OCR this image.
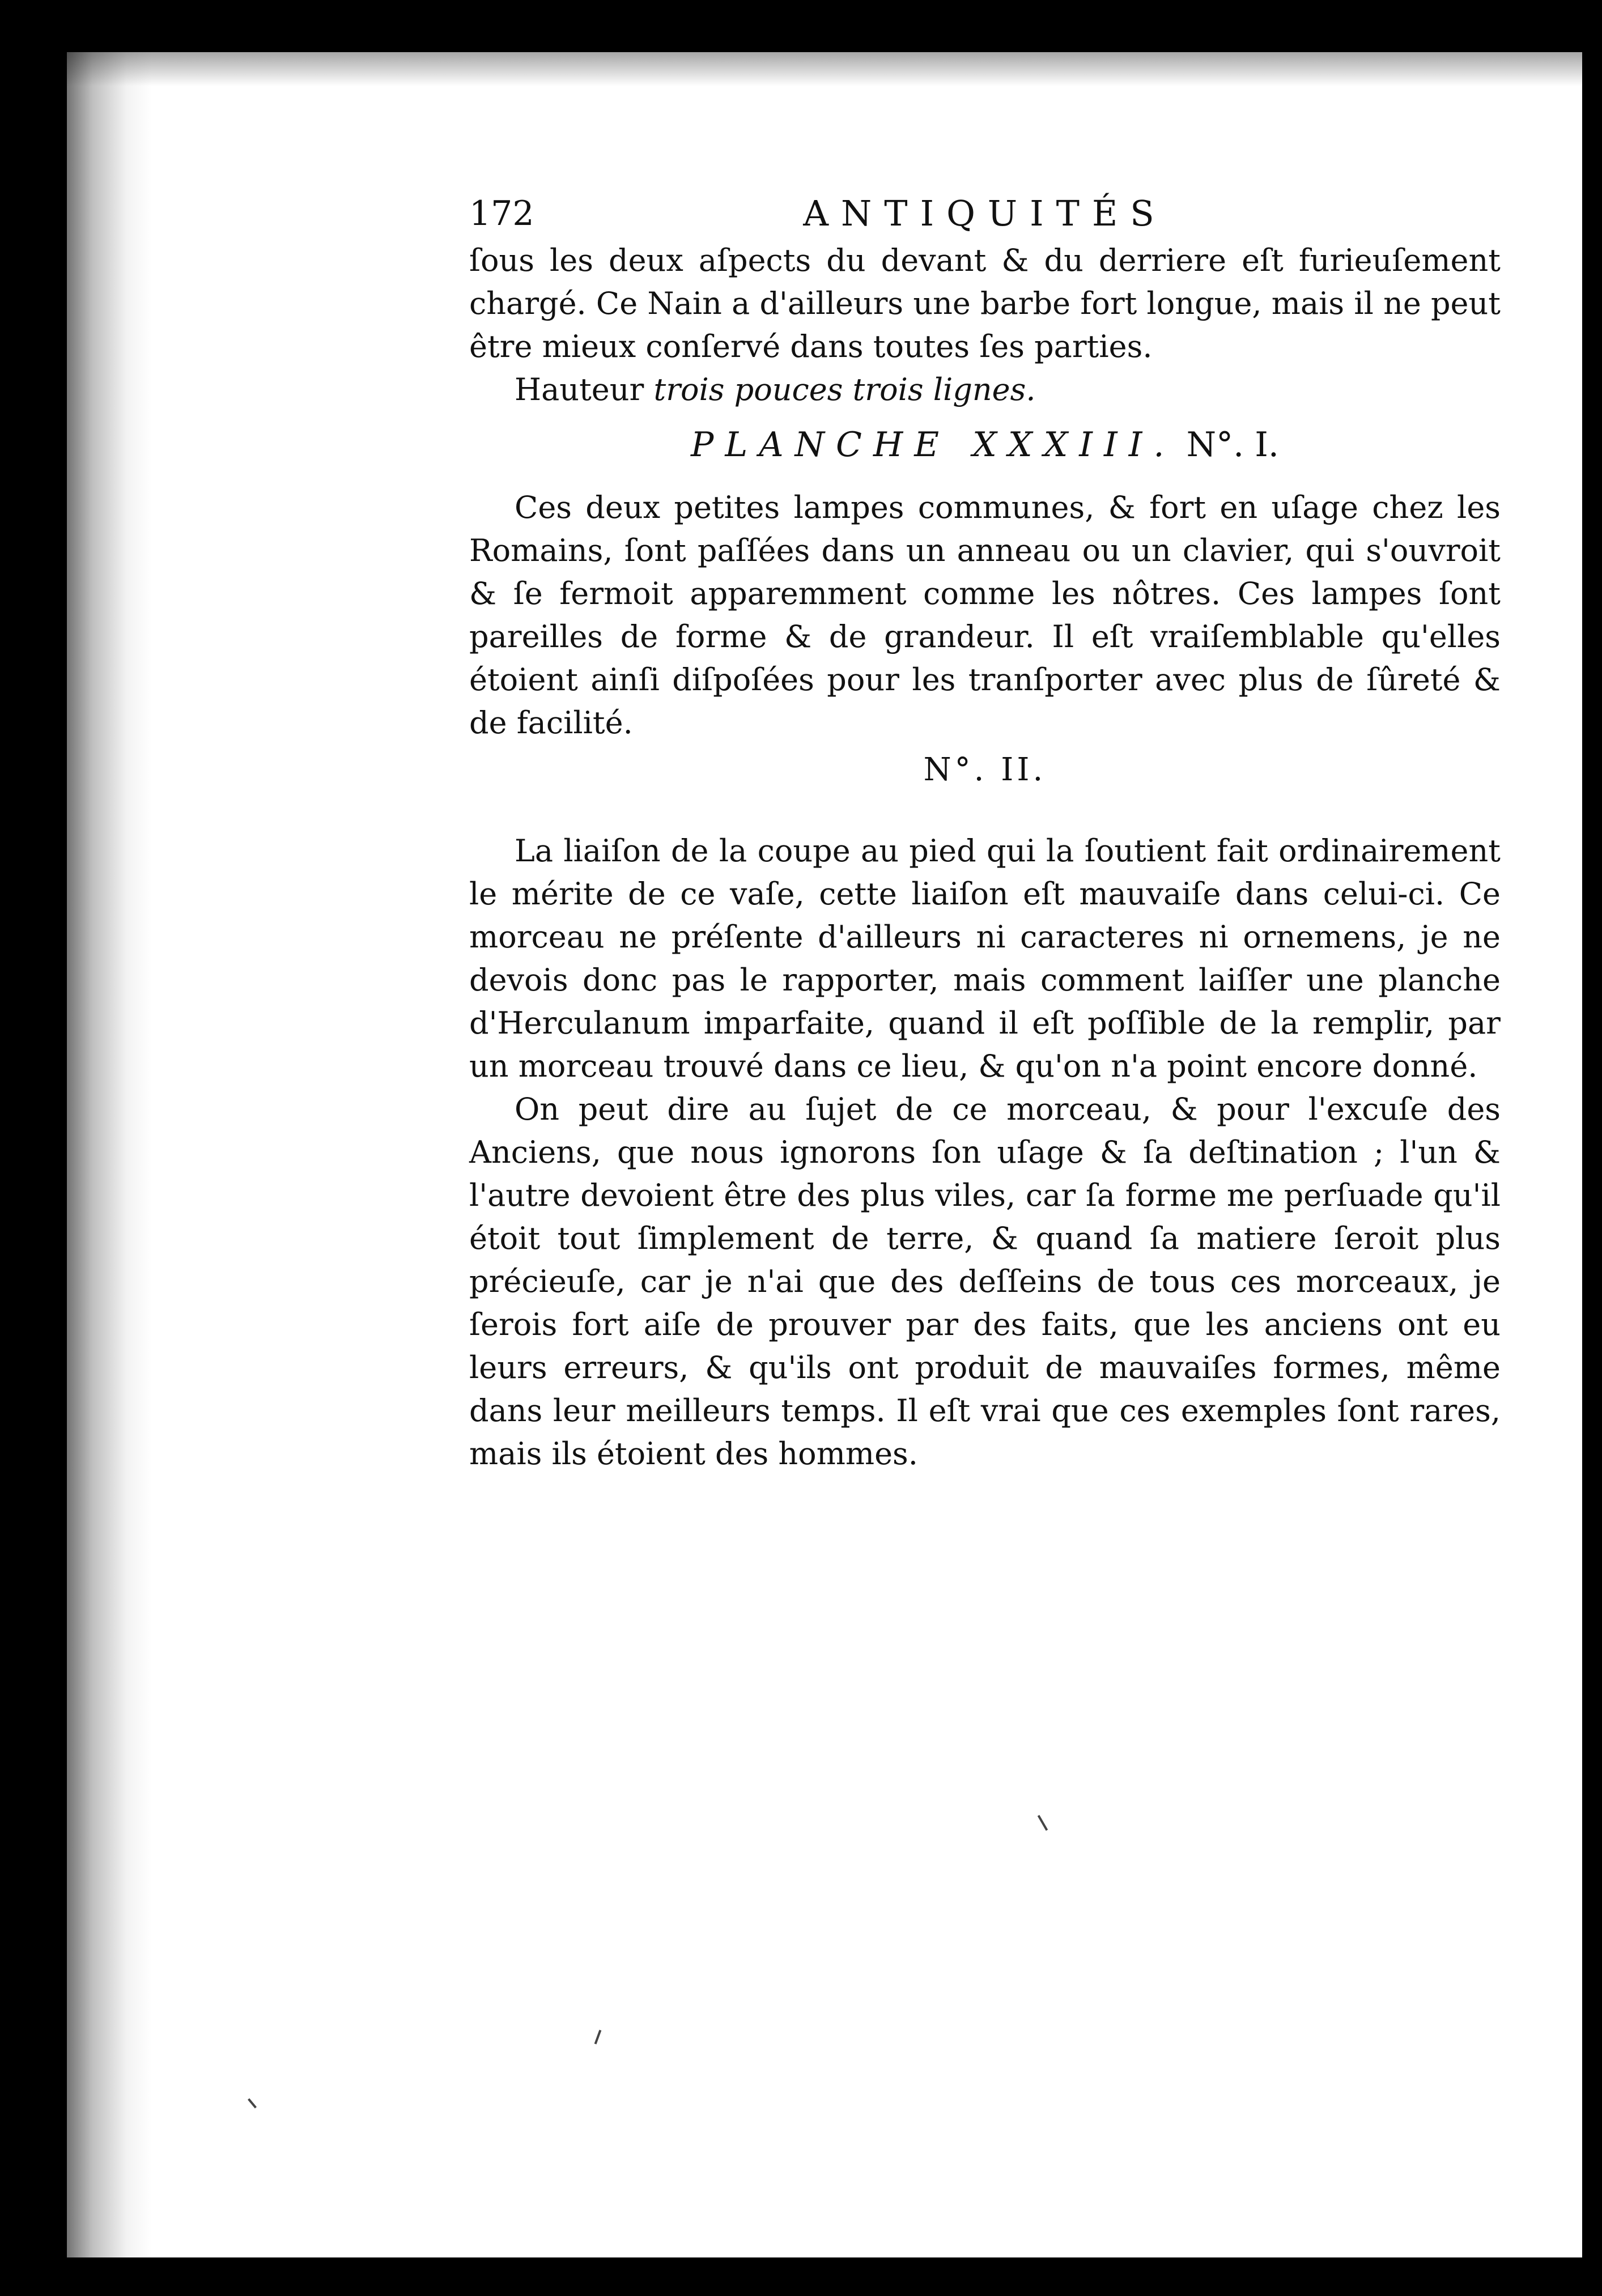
172	ANTIQUITÉS

ſous les deux aſpects du devant & du derriere eſt furieuſement chargé. Ce Nain a d'ailleurs une barbe fort longue, mais il ne peut être mieux conſervé dans toutes ſes parties.

Hauteur trois pouces trois lignes.

PLANCHE XXXIII. N°. I.

Ces deux petites lampes communes, & fort en uſage chez les Romains, ſont paſſées dans un anneau ou un clavier, qui s'ouvroit & ſe fermoit apparemment comme les nôtres. Ces lampes ſont pareilles de forme & de grandeur. Il eſt vraiſemblable qu'elles étoient ainſi diſpoſées pour les tranſporter avec plus de ſûreté & de facilité.

N°. II.

La liaiſon de la coupe au pied qui la ſoutient fait ordinairement le mérite de ce vaſe, cette liaiſon eſt mauvaiſe dans celui-ci. Ce morceau ne préſente d'ailleurs ni caracteres ni ornemens, je ne devois donc pas le rapporter, mais comment laiſſer une planche d'Herculanum imparfaite, quand il eſt poſſible de la remplir, par un morceau trouvé dans ce lieu, & qu'on n'a point encore donné.

On peut dire au ſujet de ce morceau, & pour l'excuſe des Anciens, que nous ignorons ſon uſage & ſa deſtination ; l'un & l'autre devoient être des plus viles, car ſa forme me perſuade qu'il étoit tout ſimplement de terre, & quand ſa matiere ſeroit plus précieuſe, car je n'ai que des deſſeins de tous ces morceaux, je ſerois fort aiſe de prouver par des faits, que les anciens ont eu leurs erreurs, & qu'ils ont produit de mauvaiſes formes, même dans leur meilleurs temps. Il eſt vrai que ces exemples ſont rares, mais ils étoient des hommes.
